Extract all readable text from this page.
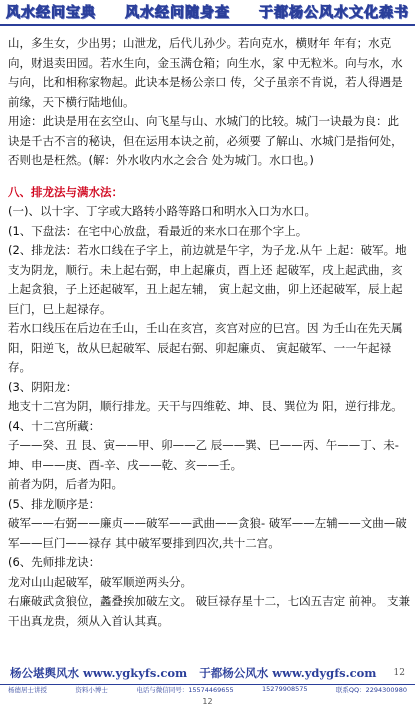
风水经问宝典 风水经问随身查 于都杨公风水文化森书

山，多生女，少出男；山泄龙，后代儿孙少。若向克水，横财年 年有；水克向，财退卖田园。若水生向，金玉满仓箱；向生水，家 中无粒米。向与水，水与向，比和相称家物起。此诀本是杨公亲口 传，父子虽亲不肯说，若人得遇是前缘，天下横行陆地仙。

用途：此诀是用在玄空山、向飞星与山、水城门的比较。城门一诀最为良：此诀是千古不言的秘诀，但在运用本诀之前，必须要 了解山、水城门是指何处，否则也是枉然。(解：外水收内水之会合 处为城门。水口也。)

八、排龙法与满水法：

(一)、以十字、丁字或大路转小路等路口和明水入口为水口。

(1、下盘法：在宅中心放盘，看最近的来水口在那个字上。

(2、排龙法：若水口线在子字上，前边就是午字，为子龙.从午 上起：破军。地支为阴龙，顺行。未上起右弼，申上起廉贞，酉上还 起破军，戌上起武曲，亥上起贪狼，子上还起破军，丑上起左辅， 寅上起文曲，卯上还起破军，辰上起巨门，巳上起禄存。

若水口线压在后边在壬山，壬山在亥宫，亥宫对应的巳宫。因 为壬山在先天属阳，阳逆飞，故从巳起破军、辰起右弼、卯起廉贞、 寅起破军、一一午起禄存。

(3、阴阳龙：

地支十二宫为阴，顺行排龙。天干与四维乾、坤、艮、巽位为 阳，逆行排龙。

(4、十二宫所藏：

子——癸、丑 艮、寅——甲、卯——乙 辰——巽、巳——丙、午——丁、未-坤、申——庚、酉-辛、戌——乾、亥——壬。

前者为阴，后者为阳。

(5、排龙顺序是：

破军——右弼——廉贞——破军——武曲——贪狼- 破军——左辅——文曲—破军——巨门——禄存 其中破军要排到四次,共十二宫。

(6、先师排龙诀：

龙对山山起破军，破军顺逆两头分。

右廉破武贪狼位，蠡叠挨加破左文。 破巨禄存星十二，七凶五吉定 前神。 支兼干出真龙贵，须从入首认其真。

杨公堪舆风水 www.ygkyfs.com 于都杨公风水 www.ydygfs.com 12
杨德居士讲授	资料小博士	电话与微信同号：15574469655	15279908575	联系QQ：2294300980
12
